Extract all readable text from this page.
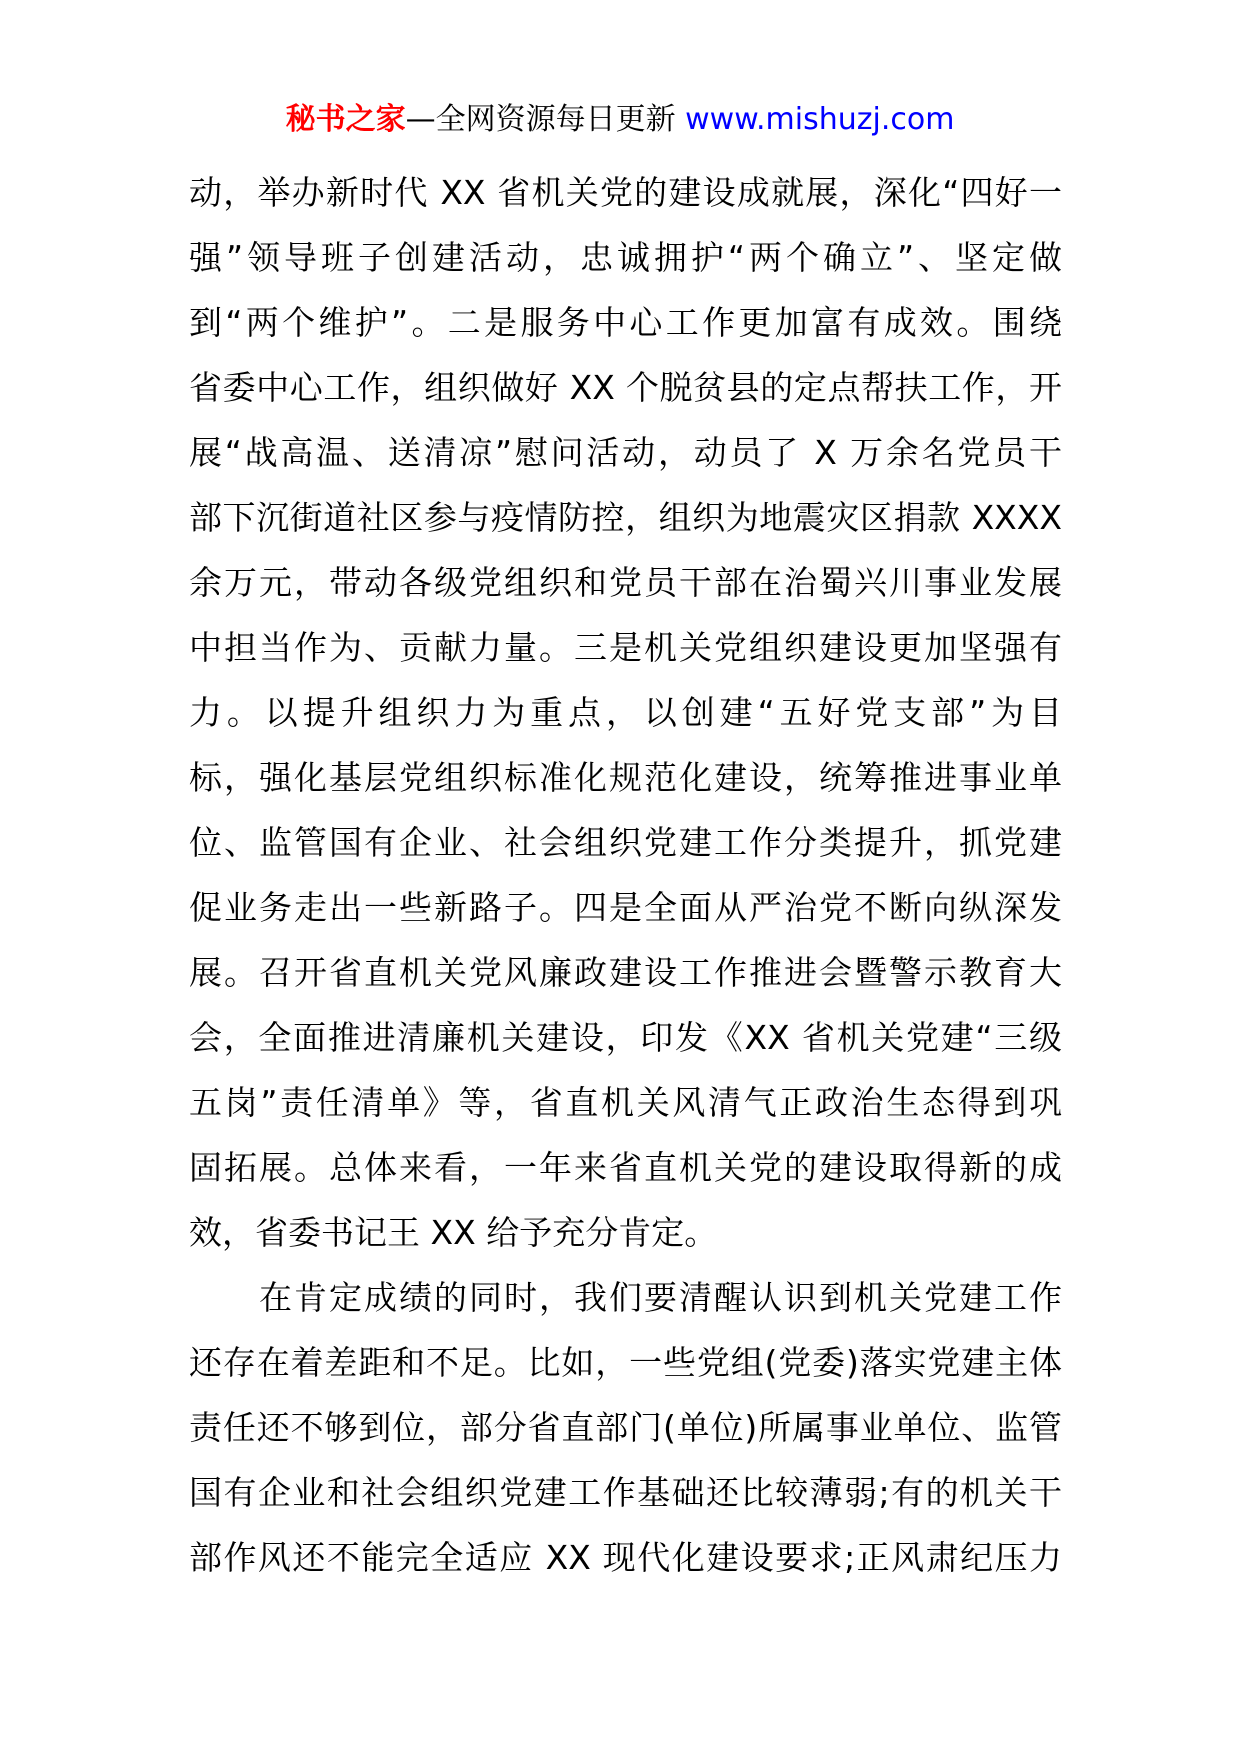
秘书之家—全网资源每日更新 www.mishuzj.com
动，举办新时代 XX 省机关党的建设成就展，深化“四好一
强”领导班子创建活动，忠诚拥护“两个确立”、坚定做
到“两个维护”。二是服务中心工作更加富有成效。围绕
省委中心工作，组织做好 XX 个脱贫县的定点帮扶工作，开
展“战高温、送清凉”慰问活动，动员了 X 万余名党员干
部下沉街道社区参与疫情防控，组织为地震灾区捐款 XXXX
余万元，带动各级党组织和党员干部在治蜀兴川事业发展
中担当作为、贡献力量。三是机关党组织建设更加坚强有
力。以提升组织力为重点，以创建“五好党支部”为目
标，强化基层党组织标准化规范化建设，统筹推进事业单
位、监管国有企业、社会组织党建工作分类提升，抓党建
促业务走出一些新路子。四是全面从严治党不断向纵深发
展。召开省直机关党风廉政建设工作推进会暨警示教育大
会，全面推进清廉机关建设，印发《XX 省机关党建“三级
五岗”责任清单》等，省直机关风清气正政治生态得到巩
固拓展。总体来看，一年来省直机关党的建设取得新的成
效，省委书记王 XX 给予充分肯定。
　　在肯定成绩的同时，我们要清醒认识到机关党建工作
还存在着差距和不足。比如，一些党组(党委)落实党建主体
责任还不够到位，部分省直部门(单位)所属事业单位、监管
国有企业和社会组织党建工作基础还比较薄弱;有的机关干
部作风还不能完全适应 XX 现代化建设要求;正风肃纪压力
